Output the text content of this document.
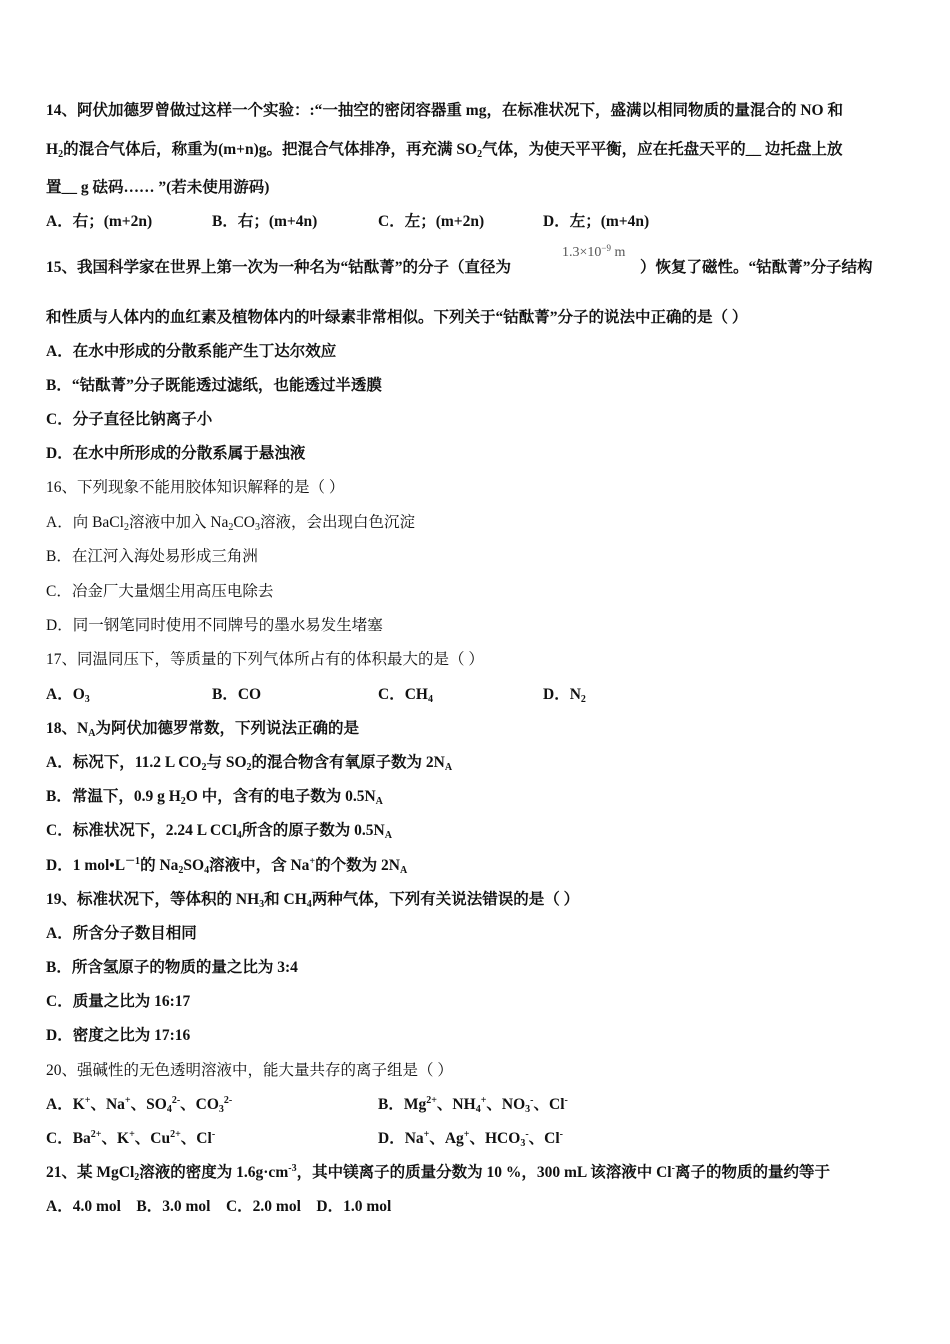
14、阿伏加德罗曾做过这样一个实验：:“一抽空的密闭容器重 mg，在标准状况下，盛满以相同物质的量混合的 NO 和
$H_2$的混合气体后，称重为(m+n)g。把混合气体排净，再充满 $SO_2$气体，为使天平平衡，应在托盘天平的__ 边托盘上放
置__ g 砝码…… ”(若未使用游码)
A．右；(m+2n)	B．右；(m+4n)	C．左；(m+2n)	D．左；(m+4n)
15、我国科学家在世界上第一次为一种名为“钴酞菁”的分子（直径为
$1.3\times 10^{-9}$ m
）恢复了磁性。“钴酞菁”分子结构
和性质与人体内的血红素及植物体内的叶绿素非常相似。下列关于“钴酞菁”分子的说法中正确的是（ ）
A．在水中形成的分散系能产生丁达尔效应
B．“钴酞菁”分子既能透过滤纸，也能透过半透膜
C．分子直径比钠离子小
D．在水中所形成的分散系属于悬浊液
16、下列现象不能用胶体知识解释的是（ ）
A．向 BaCl$_2$溶液中加入 $Na_2CO_3$溶液，会出现白色沉淀
B．在江河入海处易形成三角洲
C．冶金厂大量烟尘用高压电除去
D．同一钢笔同时使用不同牌号的墨水易发生堵塞
17、同温同压下，等质量的下列气体所占有的体积最大的是（ ）
A．$O_3$	B．CO	C．$CH_4$	D．$N_2$
18、$N_A$为阿伏加德罗常数，下列说法正确的是
A．标况下，11.2 L $CO_2$与 $SO_2$的混合物含有氧原子数为 $2N_A$
B．常温下，0.9 g $H_2O$ 中，含有的电子数为 $0.5N_A$
C．标准状况下，2.24 L CCl$_4$所含的原子数为 $0.5N_A$
D．1 $mol•L^{-1}$的 $Na_2SO_4$溶液中，含 Na+的个数为 $2N_A$
19、标准状况下，等体积的 $NH_3$和 $CH_4$两种气体，下列有关说法错误的是（ ）
A．所含分子数目相同
B．所含氢原子的物质的量之比为 3:4
C．质量之比为 16:17
D．密度之比为 17:16
20、强碱性的无色透明溶液中，能大量共存的离子组是（ ）
A．K+、Na+、$SO_4^{2-}$、$CO_3^{2-}$	B．$Mg^{2+}$、$NH_4^+$、$NO_3^-$、Cl-
C．$Ba^{2+}$、K+、$Cu^{2+}$、Cl-	D．Na+、Ag+、$HCO_3^-$、Cl-
21、某 MgCl$_2$溶液的密度为 $1.6g\cdot cm^{-3}$，其中镁离子的质量分数为 10 %，300 mL 该溶液中 Cl-离子的物质的量约等于
A．4.0 mol    B．3.0 mol    C．2.0 mol    D．1.0 mol
